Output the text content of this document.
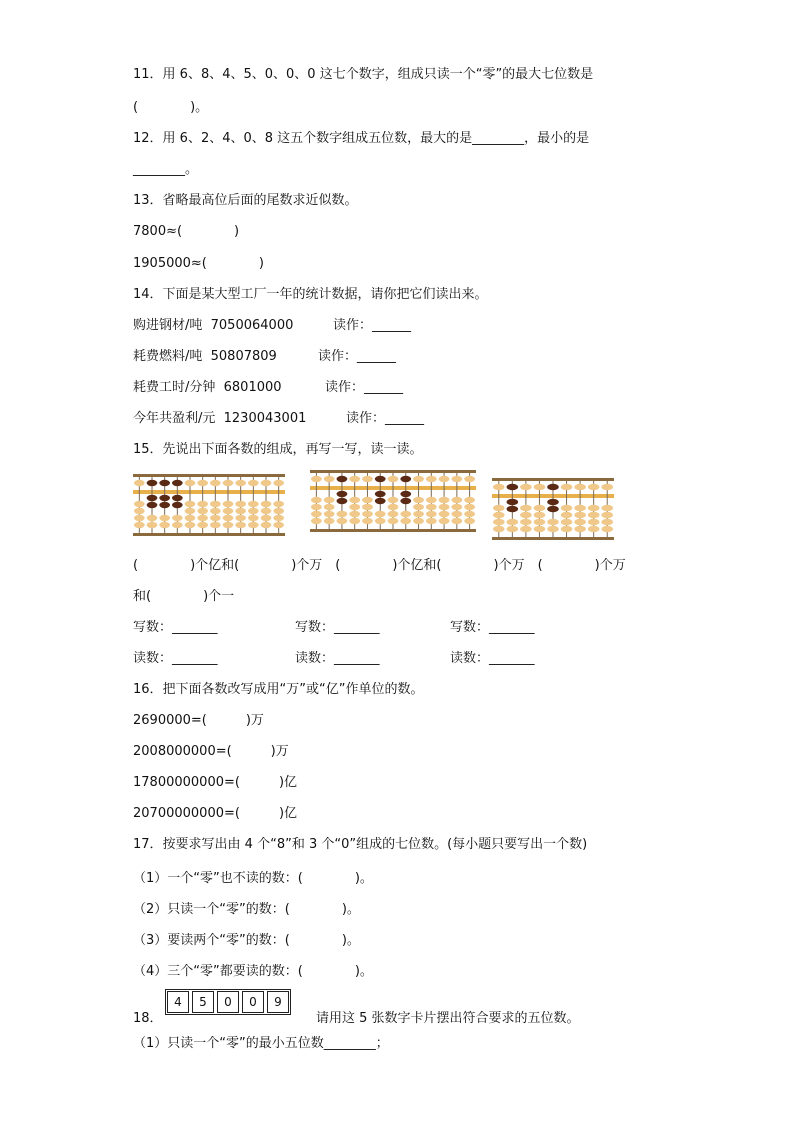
11．用 6、8、4、5、0、0、0 这七个数字，组成只读一个“零”的最大七位数是
(　　　　)。
12．用 6、2、4、0、8 这五个数字组成五位数，最大的是________，最小的是
________。
13．省略最高位后面的尾数求近似数。
7800≈(　　　　)
1905000≈(　　　　)
14．下面是某大型工厂一年的统计数据，请你把它们读出来。
购进钢材/吨  7050064000	读作：______
耗费燃料/吨  50807809	读作：______
耗费工时/分钟  6801000	读作：______
今年共盈利/元  1230043001	读作：______
15．先说出下面各数的组成，再写一写，读一读。
(　　　　)个亿和(　　　　)个万　(　　　　)个亿和(　　　　)个万　(　　　　)个万
和(　　　　)个一
写数：_______	写数：_______	写数：_______
读数：_______	读数：_______	读数：_______
16．把下面各数改写成用“万”或“亿”作单位的数。
2690000=(　　　)万
2008000000=(　　　)万
17800000000=(　　　)亿
20700000000=(　　　)亿
17．按要求写出由 4 个“8”和 3 个“0”组成的七位数。(每小题只要写出一个数)
（1）一个“零”也不读的数：(　　　　)。
（2）只读一个“零”的数：(　　　　)。
（3）要读两个“零”的数：(　　　　)。
（4）三个“零”都要读的数：(　　　　)。
18．
4	5	0	0	9
请用这 5 张数字卡片摆出符合要求的五位数。
（1）只读一个“零”的最小五位数________；
